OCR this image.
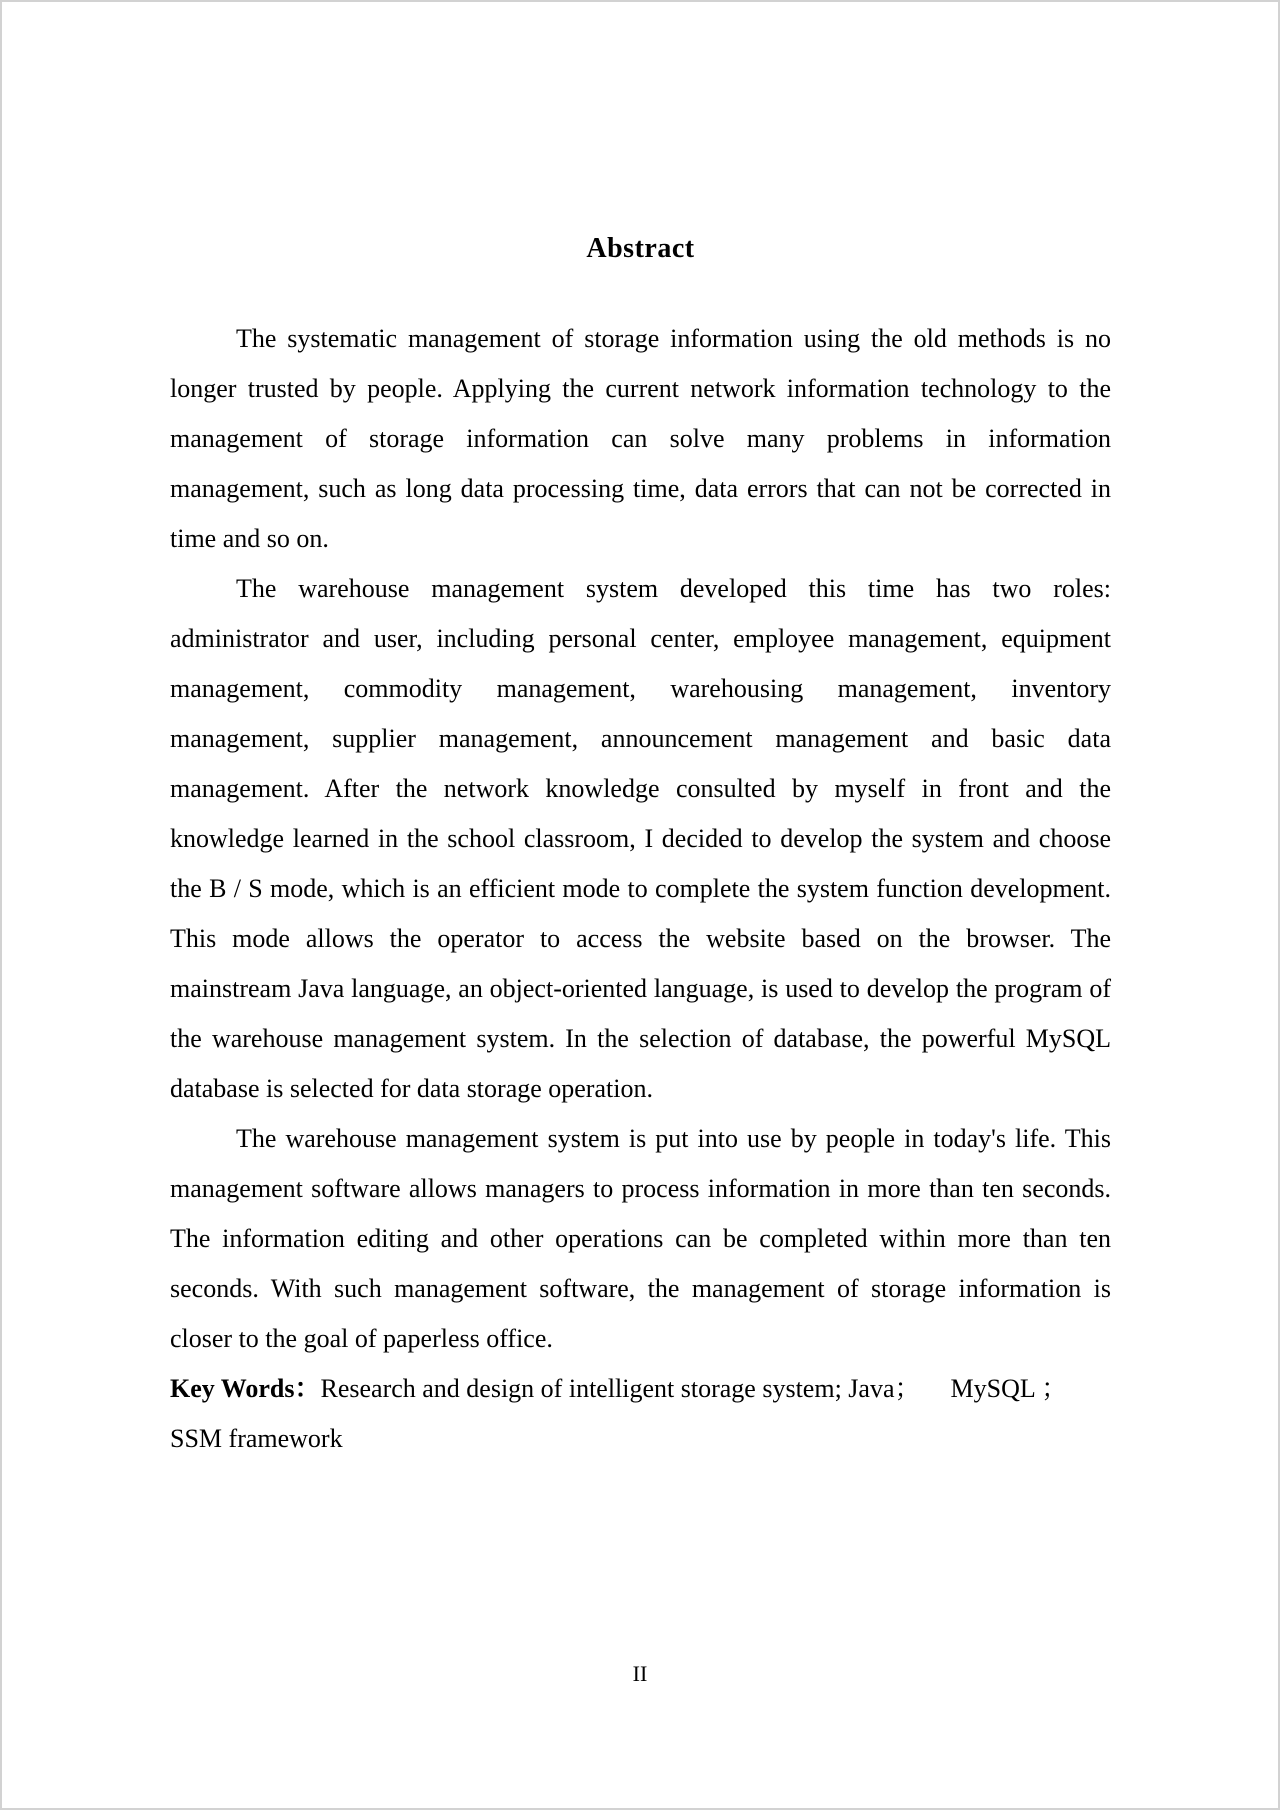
Abstract

The systematic management of storage information using the old methods is no longer trusted by people. Applying the current network information technology to the management of storage information can solve many problems in information management, such as long data processing time, data errors that can not be corrected in time and so on.

The warehouse management system developed this time has two roles: administrator and user, including personal center, employee management, equipment management, commodity management, warehousing management, inventory management, supplier management, announcement management and basic data management. After the network knowledge consulted by myself in front and the knowledge learned in the school classroom, I decided to develop the system and choose the B / S mode, which is an efficient mode to complete the system function development. This mode allows the operator to access the website based on the browser. The mainstream Java language, an object-oriented language, is used to develop the program of the warehouse management system. In the selection of database, the powerful MySQL database is selected for data storage operation.

The warehouse management system is put into use by people in today's life. This management software allows managers to process information in more than ten seconds. The information editing and other operations can be completed within more than ten seconds. With such management software, the management of storage information is closer to the goal of paperless office.

Key Words：Research and design of intelligent storage system; Java； MySQL ；
SSM framework
II
